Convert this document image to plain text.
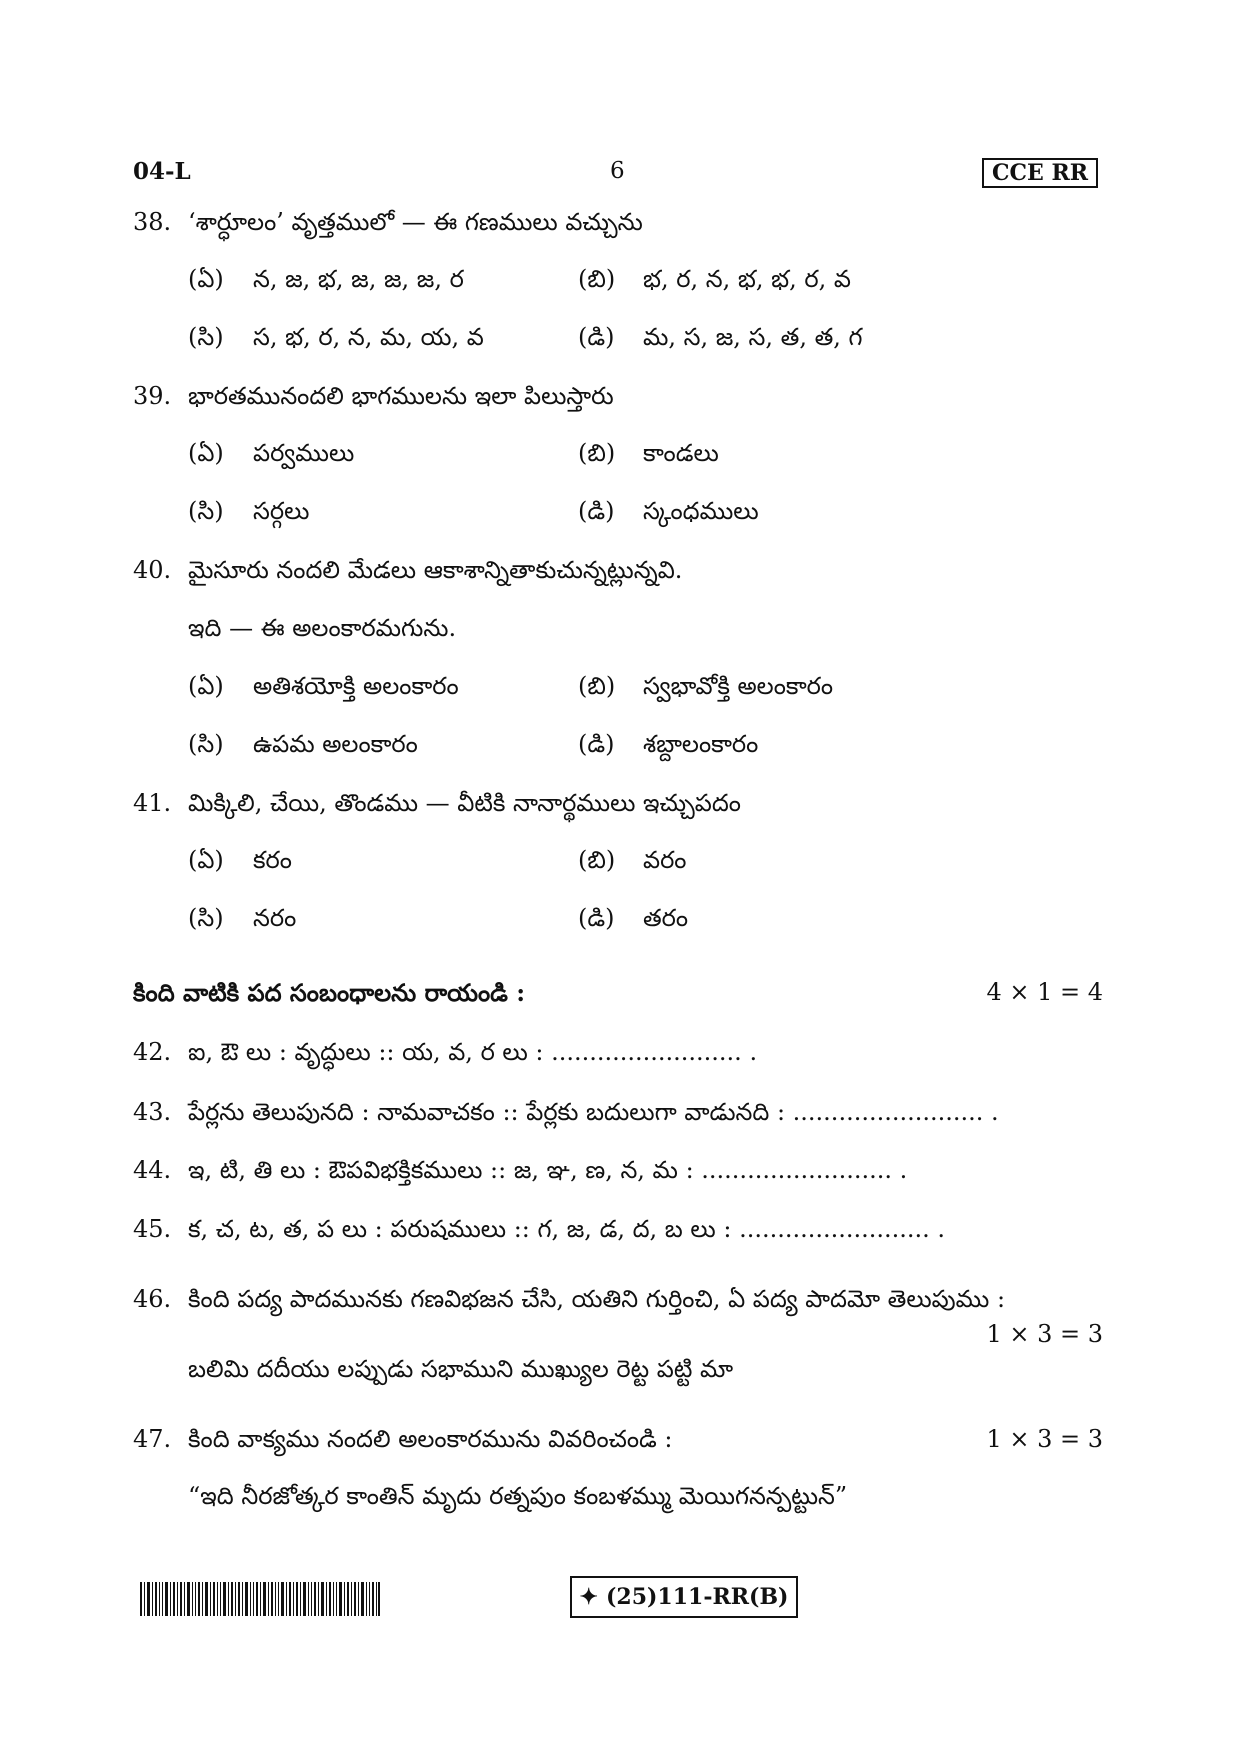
04-L	6	CCE RR
38. ‘శార్ధూలం’ వృత్తములో — ఈ గణములు వచ్చును
(ఏ) న, జ, భ, జ, జ, జ, ర	(బి) భ, ర, న, భ, భ, ర, వ
(సి) స, భ, ర, న, మ, య, వ	(డి) మ, స, జ, స, త, త, గ
39. భారతమునందలి భాగములను ఇలా పిలుస్తారు
(ఏ) పర్వములు	(బి) కాండలు
(సి) సర్గలు	(డి) స్కంధములు
40. మైసూరు నందలి మేడలు ఆకాశాన్నితాకుచున్నట్లున్నవి.
ఇది — ఈ అలంకారమగును.
(ఏ) అతిశయోక్తి అలంకారం	(బి) స్వభావోక్తి అలంకారం
(సి) ఉపమ అలంకారం	(డి) శబ్దాలంకారం
41. మిక్కిలి, చేయి, తొండము — వీటికి నానార్థములు ఇచ్చుపదం
(ఏ) కరం	(బి) వరం
(సి) నరం	(డి) తరం
కింది వాటికి పద సంబంధాలను రాయండి :	4 × 1 = 4
42. ఐ, ఔ లు : వృద్ధులు :: య, వ, ర లు : ......................... .
43. పేర్లను తెలుపునది : నామవాచకం :: పేర్లకు బదులుగా వాడునది : ......................... .
44. ఇ, టి, తి లు : ఔపవిభక్తికములు :: జ, ఞ, ణ, న, మ : ......................... .
45. క, చ, ట, త, ప లు : పరుషములు :: గ, జ, డ, ద, బ లు : ......................... .
46. కింది పద్య పాదమునకు గణవిభజన చేసి, యతిని గుర్తించి, ఏ పద్య పాదమో తెలుపుము :
1 × 3 = 3
బలిమి దదీయు లప్పుడు సభాముని ముఖ్యుల రెట్ట పట్టి మా
47. కింది వాక్యము నందలి అలంకారమును వివరించండి :	1 × 3 = 3
“ఇది నీరజోత్కర కాంతిన్ మృదు రత్నపుం కంబళమ్ము మెయిగనన్పట్టున్”
✦ (25)111-RR(B)
